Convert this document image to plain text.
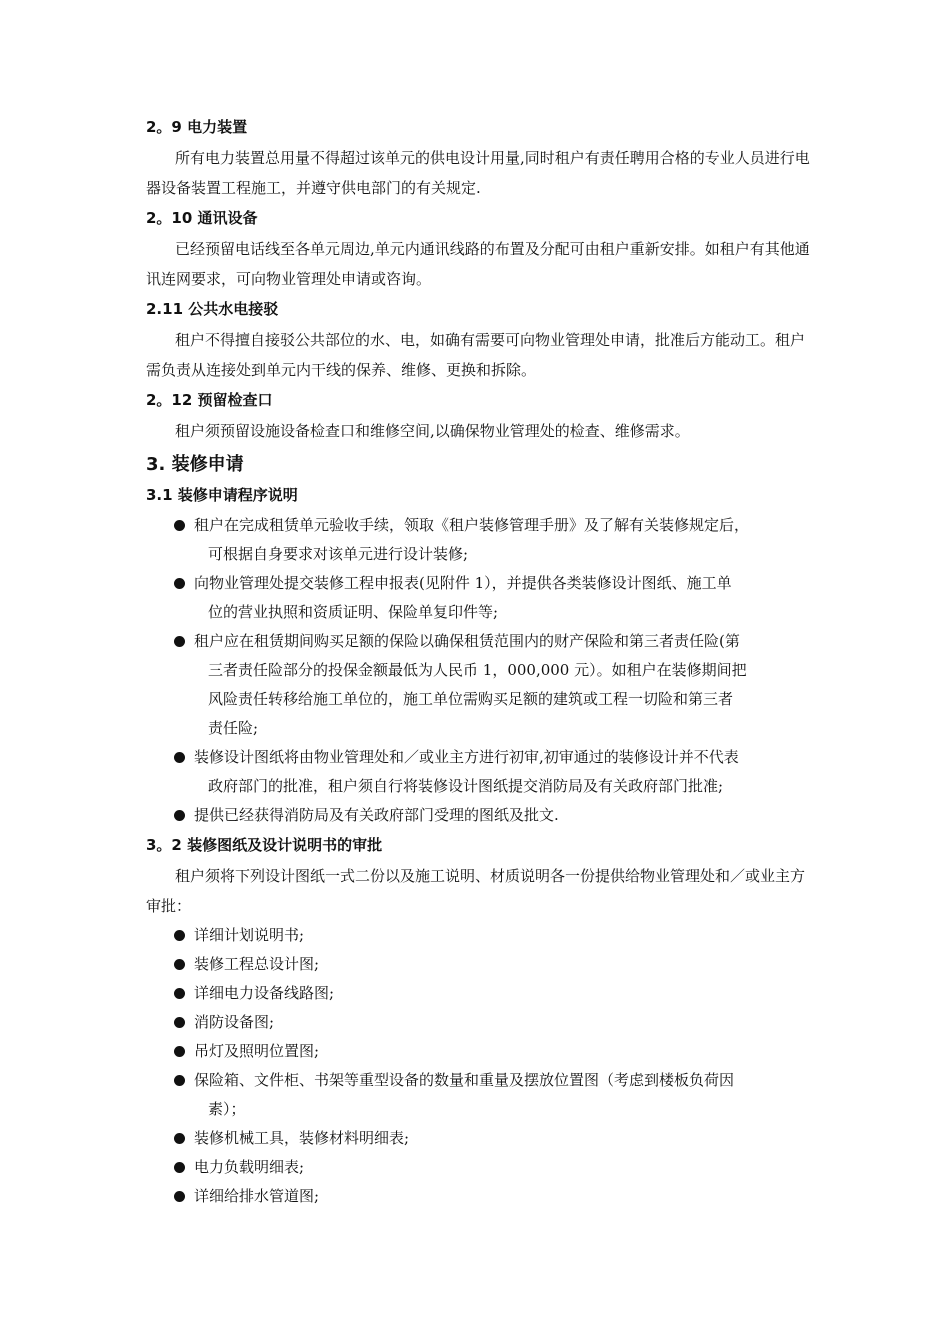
2。9 电力装置

所有电力装置总用量不得超过该单元的供电设计用量,同时租户有责任聘用合格的专业人员进行电器设备装置工程施工，并遵守供电部门的有关规定.

2。10 通讯设备

已经预留电话线至各单元周边,单元内通讯线路的布置及分配可由租户重新安排。如租户有其他通讯连网要求，可向物业管理处申请或咨询。

2.11 公共水电接驳

租户不得擅自接驳公共部位的水、电，如确有需要可向物业管理处申请，批准后方能动工。租户需负责从连接处到单元内干线的保养、维修、更换和拆除。

2。12 预留检查口

租户须预留设施设备检查口和维修空间,以确保物业管理处的检查、维修需求。

3. 装修申请
3.1 装修申请程序说明
租户在完成租赁单元验收手续，领取《租户装修管理手册》及了解有关装修规定后，
可根据自身要求对该单元进行设计装修;
向物业管理处提交装修工程申报表(见附件 1），并提供各类装修设计图纸、施工单
位的营业执照和资质证明、保险单复印件等;
租户应在租赁期间购买足额的保险以确保租赁范围内的财产保险和第三者责任险(第
三者责任险部分的投保金额最低为人民币 1，000,000 元）。如租户在装修期间把
风险责任转移给施工单位的，施工单位需购买足额的建筑或工程一切险和第三者
责任险;
装修设计图纸将由物业管理处和／或业主方进行初审,初审通过的装修设计并不代表
政府部门的批准，租户须自行将装修设计图纸提交消防局及有关政府部门批准;
提供已经获得消防局及有关政府部门受理的图纸及批文.
3。2 装修图纸及设计说明书的审批

租户须将下列设计图纸一式二份以及施工说明、材质说明各一份提供给物业管理处和／或业主方审批：

详细计划说明书;
装修工程总设计图;
详细电力设备线路图;
消防设备图;
吊灯及照明位置图;
保险箱、文件柜、书架等重型设备的数量和重量及摆放位置图（考虑到楼板负荷因
素）；
装修机械工具，装修材料明细表;
电力负载明细表;
详细给排水管道图;
